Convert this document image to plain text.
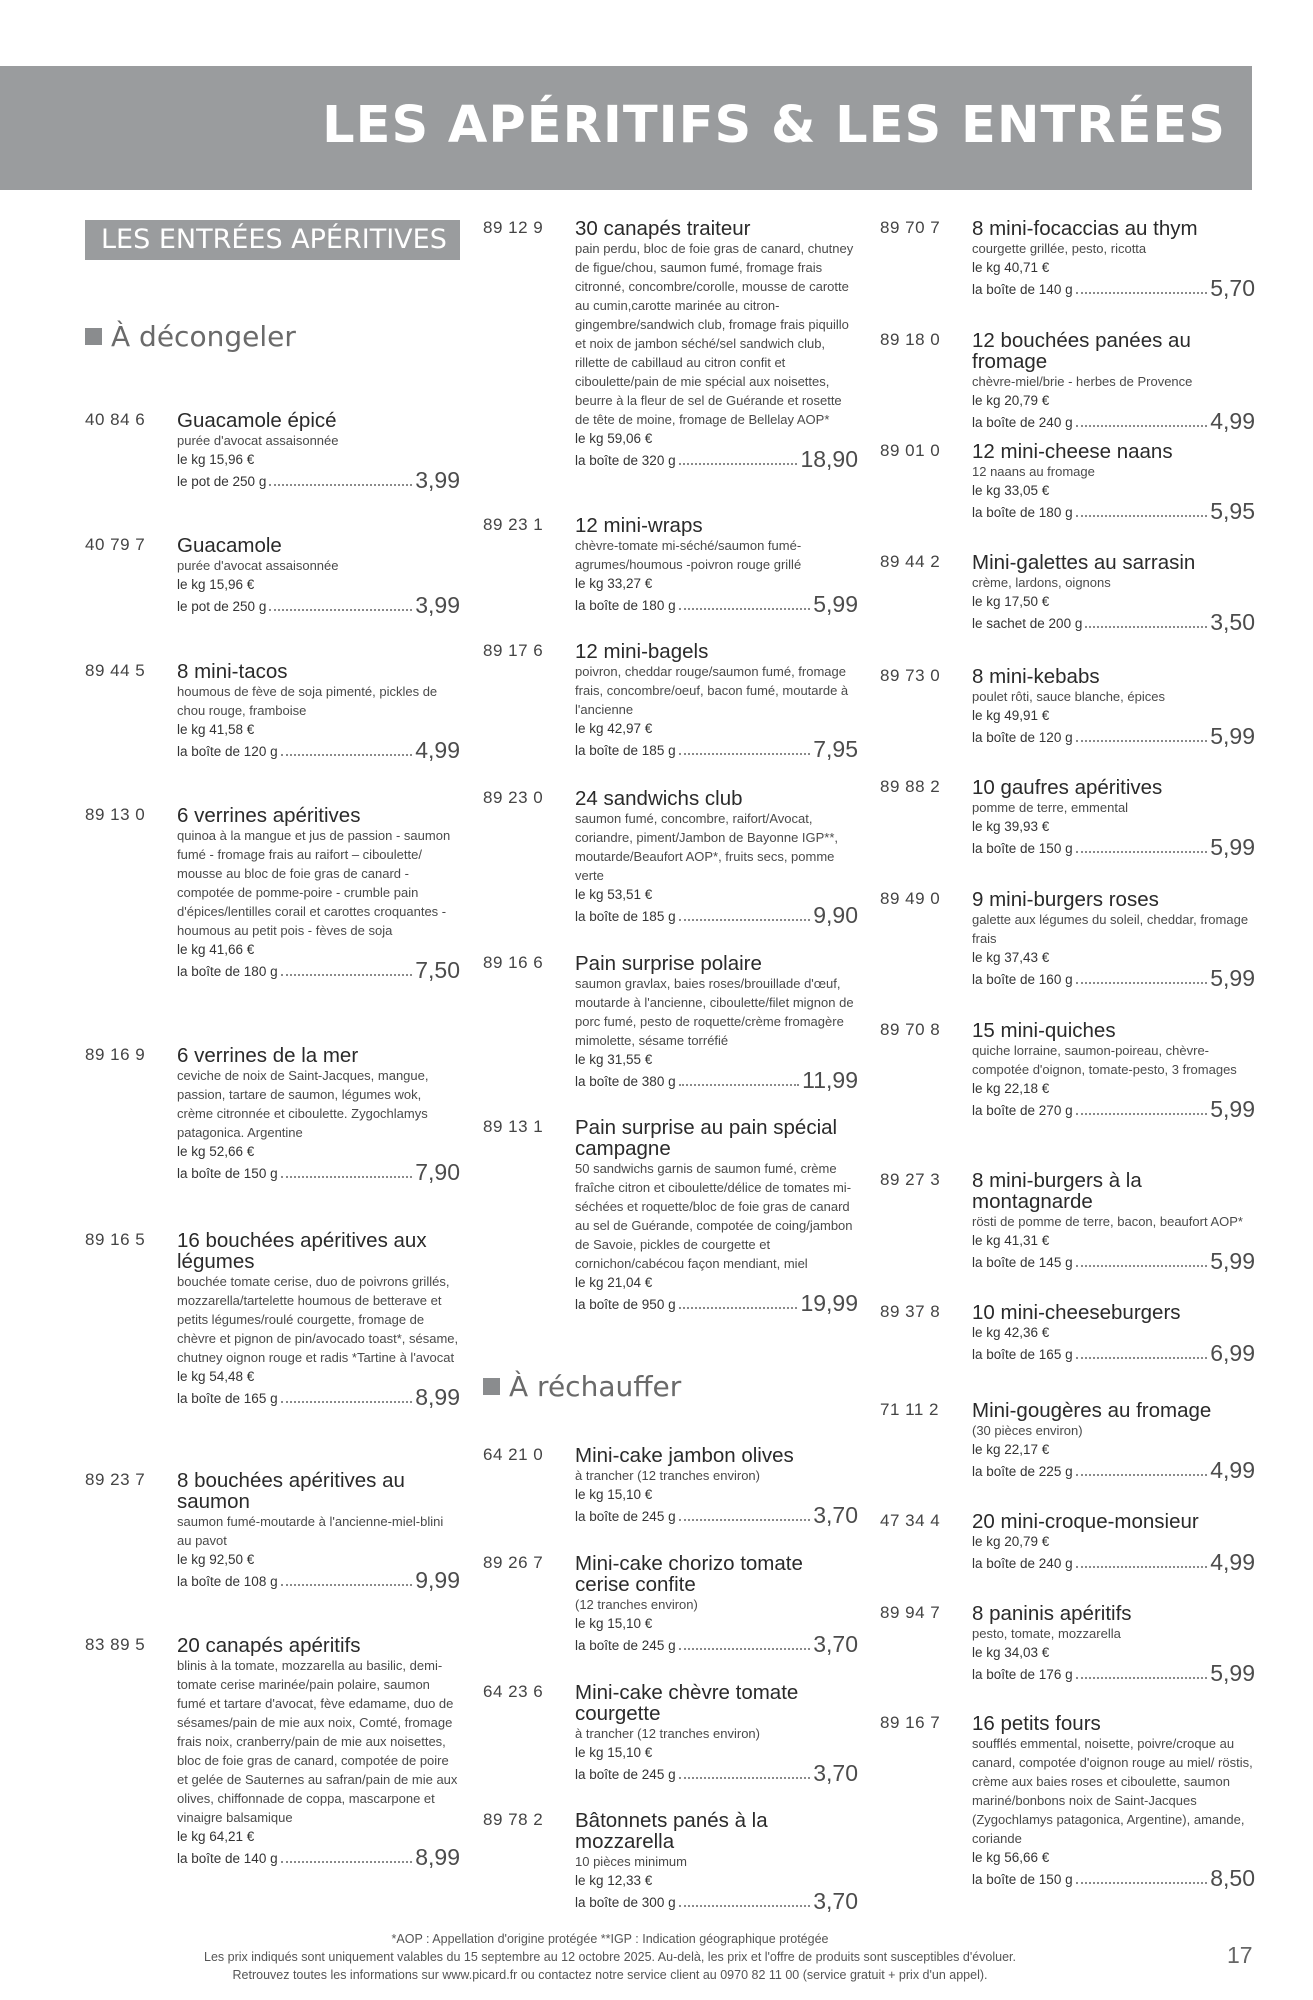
LES APÉRITIFS & LES ENTRÉES
LES ENTRÉES APÉRITIVES
À décongeler
40 84 6 Guacamole épicé
purée d'avocat assaisonnée
le kg 15,96 €
le pot de 250 g	3,99
40 79 7 Guacamole
purée d'avocat assaisonnée
le kg 15,96 €
le pot de 250 g	3,99
89 44 5 8 mini-tacos
houmous de fève de soja pimenté, pickles de chou rouge, framboise
le kg 41,58 €
la boîte de 120 g	4,99
89 13 0 6 verrines apéritives
quinoa à la mangue et jus de passion - saumon fumé - fromage frais au raifort – ciboulette/ mousse au bloc de foie gras de canard - compotée de pomme-poire - crumble pain d'épices/lentilles corail et carottes croquantes - houmous au petit pois - fèves de soja
le kg 41,66 €
la boîte de 180 g	7,50
89 16 9 6 verrines de la mer
ceviche de noix de Saint-Jacques, mangue, passion, tartare de saumon, légumes wok, crème citronnée et ciboulette. Zygochlamys patagonica. Argentine
le kg 52,66 €
la boîte de 150 g	7,90
89 16 5 16 bouchées apéritives aux légumes
bouchée tomate cerise, duo de poivrons grillés, mozzarella/tartelette houmous de betterave et petits légumes/roulé courgette, fromage de chèvre et pignon de pin/avocado toast*, sésame, chutney oignon rouge et radis *Tartine à l'avocat
le kg 54,48 €
la boîte de 165 g	8,99
89 23 7 8 bouchées apéritives au saumon
saumon fumé-moutarde à l'ancienne-miel-blini au pavot
le kg 92,50 €
la boîte de 108 g	9,99
83 89 5 20 canapés apéritifs
blinis à la tomate, mozzarella au basilic, demi-tomate cerise marinée/pain polaire, saumon fumé et tartare d'avocat, fève edamame, duo de sésames/pain de mie aux noix, Comté, fromage frais noix, cranberry/pain de mie aux noisettes, bloc de foie gras de canard, compotée de poire et gelée de Sauternes au safran/pain de mie aux olives, chiffonnade de coppa, mascarpone et vinaigre balsamique
le kg 64,21 €
la boîte de 140 g	8,99
89 12 9 30 canapés traiteur
pain perdu, bloc de foie gras de canard, chutney de figue/chou, saumon fumé, fromage frais citronné, concombre/corolle, mousse de carotte au cumin,carotte marinée au citron-gingembre/sandwich club, fromage frais piquillo et noix de jambon séché/sel sandwich club, rillette de cabillaud au citron confit et ciboulette/pain de mie spécial aux noisettes, beurre à la fleur de sel de Guérande et rosette de tête de moine, fromage de Bellelay AOP*
le kg 59,06 €
la boîte de 320 g	18,90
89 23 1 12 mini-wraps
chèvre-tomate mi-séché/saumon fumé-agrumes/houmous -poivron rouge grillé
le kg 33,27 €
la boîte de 180 g	5,99
89 17 6 12 mini-bagels
poivron, cheddar rouge/saumon fumé, fromage frais, concombre/oeuf, bacon fumé, moutarde à l'ancienne
le kg 42,97 €
la boîte de 185 g	7,95
89 23 0 24 sandwichs club
saumon fumé, concombre, raifort/Avocat, coriandre, piment/Jambon de Bayonne IGP**, moutarde/Beaufort AOP*, fruits secs, pomme verte
le kg 53,51 €
la boîte de 185 g	9,90
89 16 6 Pain surprise polaire
saumon gravlax, baies roses/brouillade d'œuf, moutarde à l'ancienne, ciboulette/filet mignon de porc fumé, pesto de roquette/crème fromagère mimolette, sésame torréfié
le kg 31,55 €
la boîte de 380 g	11,99
89 13 1 Pain surprise au pain spécial campagne
50 sandwichs garnis de saumon fumé, crème fraîche citron et ciboulette/délice de tomates mi-séchées et roquette/bloc de foie gras de canard au sel de Guérande, compotée de coing/jambon de Savoie, pickles de courgette et cornichon/cabécou façon mendiant, miel
le kg 21,04 €
la boîte de 950 g	19,99
À réchauffer
64 21 0 Mini-cake jambon olives
à trancher (12 tranches environ)
le kg 15,10 €
la boîte de 245 g	3,70
89 26 7 Mini-cake chorizo tomate cerise confite
(12 tranches environ)
le kg 15,10 €
la boîte de 245 g	3,70
64 23 6 Mini-cake chèvre tomate courgette
à trancher (12 tranches environ)
le kg 15,10 €
la boîte de 245 g	3,70
89 78 2 Bâtonnets panés à la mozzarella
10 pièces minimum
le kg 12,33 €
la boîte de 300 g	3,70
89 70 7 8 mini-focaccias au thym
courgette grillée, pesto, ricotta
le kg 40,71 €
la boîte de 140 g	5,70
89 18 0 12 bouchées panées au fromage
chèvre-miel/brie - herbes de Provence
le kg 20,79 €
la boîte de 240 g	4,99
89 01 0 12 mini-cheese naans
12 naans au fromage
le kg 33,05 €
la boîte de 180 g	5,95
89 44 2 Mini-galettes au sarrasin
crème, lardons, oignons
le kg 17,50 €
le sachet de 200 g	3,50
89 73 0 8 mini-kebabs
poulet rôti, sauce blanche, épices
le kg 49,91 €
la boîte de 120 g	5,99
89 88 2 10 gaufres apéritives
pomme de terre, emmental
le kg 39,93 €
la boîte de 150 g	5,99
89 49 0 9 mini-burgers roses
galette aux légumes du soleil, cheddar, fromage frais
le kg 37,43 €
la boîte de 160 g	5,99
89 70 8 15 mini-quiches
quiche lorraine, saumon-poireau, chèvre-compotée d'oignon, tomate-pesto, 3 fromages
le kg 22,18 €
la boîte de 270 g	5,99
89 27 3 8 mini-burgers à la montagnarde
rösti de pomme de terre, bacon, beaufort AOP*
le kg 41,31 €
la boîte de 145 g	5,99
89 37 8 10 mini-cheeseburgers
le kg 42,36 €
la boîte de 165 g	6,99
71 11 2 Mini-gougères au fromage
(30 pièces environ)
le kg 22,17 €
la boîte de 225 g	4,99
47 34 4 20 mini-croque-monsieur
le kg 20,79 €
la boîte de 240 g	4,99
89 94 7 8 paninis apéritifs
pesto, tomate, mozzarella
le kg 34,03 €
la boîte de 176 g	5,99
89 16 7 16 petits fours
soufflés emmental, noisette, poivre/croque au canard, compotée d'oignon rouge au miel/ röstis, crème aux baies roses et ciboulette, saumon mariné/bonbons noix de Saint-Jacques (Zygochlamys patagonica, Argentine), amande, coriande
le kg 56,66 €
la boîte de 150 g	8,50
*AOP : Appellation d'origine protégée **IGP : Indication géographique protégée
Les prix indiqués sont uniquement valables du 15 septembre au 12 octobre 2025. Au-delà, les prix et l'offre de produits sont susceptibles d'évoluer.
Retrouvez toutes les informations sur www.picard.fr ou contactez notre service client au 0970 82 11 00 (service gratuit + prix d'un appel).
17
